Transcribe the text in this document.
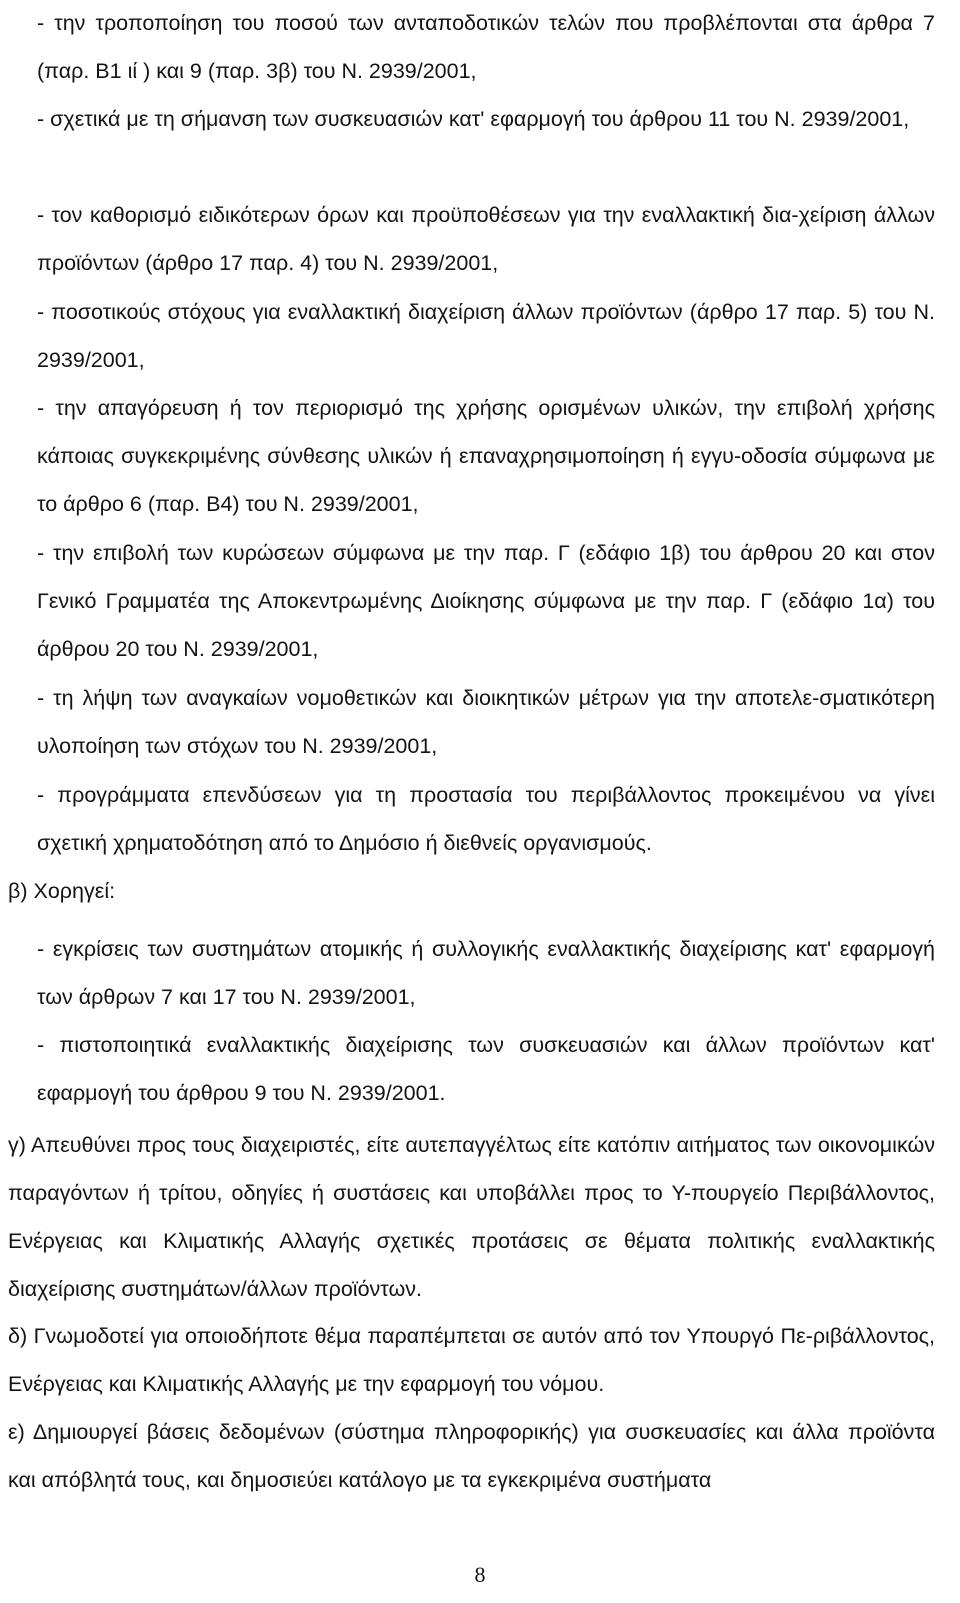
- την τροποποίηση του ποσού των ανταποδοτικών τελών που προβλέπονται στα άρθρα 7 (παρ. Β1 ιί ) και 9 (παρ. 3β) του Ν. 2939/2001,

- σχετικά με τη σήμανση των συσκευασιών κατ' εφαρμογή του άρθρου 11 του Ν. 2939/2001,

- τον καθορισμό ειδικότερων όρων και προϋποθέσεων για την εναλλακτική δια-χείριση άλλων προϊόντων (άρθρο 17 παρ. 4) του Ν. 2939/2001,

- ποσοτικούς στόχους για εναλλακτική διαχείριση άλλων προϊόντων (άρθρο 17 παρ. 5) του Ν. 2939/2001,

- την απαγόρευση ή τον περιορισμό της χρήσης ορισμένων υλικών, την επιβολή χρήσης κάποιας συγκεκριμένης σύνθεσης υλικών ή επαναχρησιμοποίηση ή εγγυ-οδοσία σύμφωνα με το άρθρο 6 (παρ. Β4) του Ν. 2939/2001,

- την επιβολή των κυρώσεων σύμφωνα με την παρ. Γ (εδάφιο 1β) του άρθρου 20 και στον Γενικό Γραμματέα της Αποκεντρωμένης Διοίκησης σύμφωνα με την παρ. Γ (εδάφιο 1α) του άρθρου 20 του Ν. 2939/2001,

- τη λήψη των αναγκαίων νομοθετικών και διοικητικών μέτρων για την αποτελε-σματικότερη υλοποίηση των στόχων του Ν. 2939/2001,

- προγράμματα επενδύσεων για τη προστασία του περιβάλλοντος προκειμένου να γίνει σχετική χρηματοδότηση από το Δημόσιο ή διεθνείς οργανισμούς.

β) Χορηγεί:

- εγκρίσεις των συστημάτων ατομικής ή συλλογικής εναλλακτικής διαχείρισης κατ' εφαρμογή των άρθρων 7 και 17 του Ν. 2939/2001,

- πιστοποιητικά εναλλακτικής διαχείρισης των συσκευασιών και άλλων προϊόντων κατ' εφαρμογή του άρθρου 9 του Ν. 2939/2001.

γ) Απευθύνει προς τους διαχειριστές, είτε αυτεπαγγέλτως είτε κατόπιν αιτήματος των οικονομικών παραγόντων ή τρίτου, οδηγίες ή συστάσεις και υποβάλλει προς το Υ-πουργείο Περιβάλλοντος, Ενέργειας και Κλιματικής Αλλαγής σχετικές προτάσεις σε θέματα πολιτικής εναλλακτικής διαχείρισης συστημάτων/άλλων προϊόντων.

δ) Γνωμοδοτεί για οποιοδήποτε θέμα παραπέμπεται σε αυτόν από τον Υπουργό Πε-ριβάλλοντος, Ενέργειας και Κλιματικής Αλλαγής με την εφαρμογή του νόμου.

ε) Δημιουργεί βάσεις δεδομένων (σύστημα πληροφορικής) για συσκευασίες και άλλα προϊόντα και απόβλητά τους, και δημοσιεύει κατάλογο με τα εγκεκριμένα συστήματα

8
